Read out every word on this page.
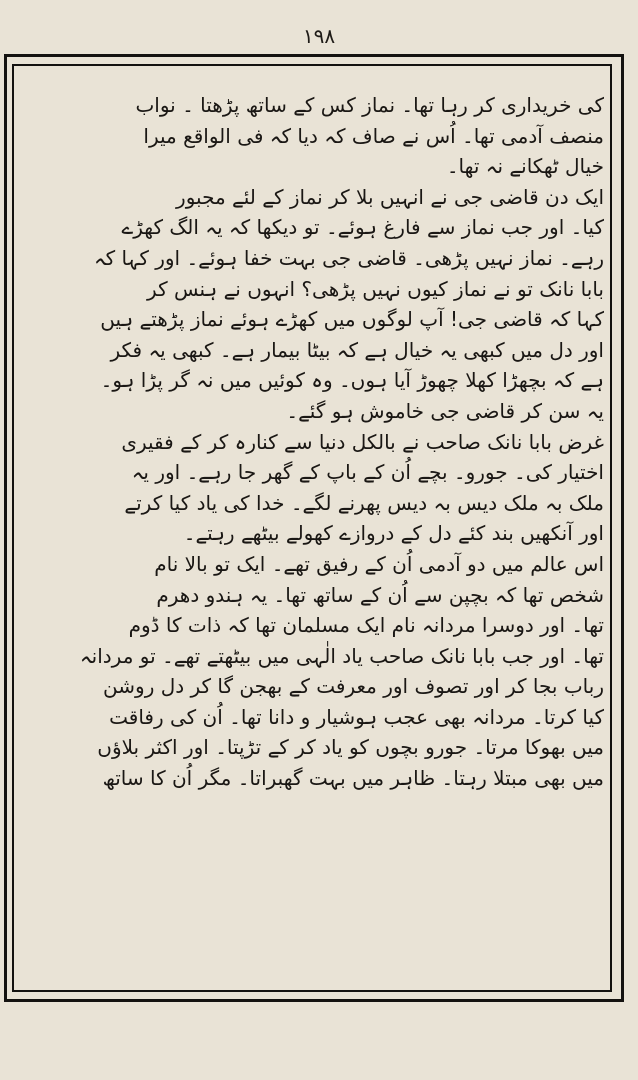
۱۹۸
کی خریداری کر رہا تھا۔ نماز کس کے ساتھ پڑھتا ۔ نواب
منصف آدمی تھا۔ اُس نے صاف کہ دیا کہ فی الواقع میرا
خیال ٹھکانے نہ تھا۔
ایک دن قاضی جی نے انہیں بلا کر نماز کے لئے مجبور
کیا۔ اور جب نماز سے فارغ ہوئے۔ تو دیکھا کہ یہ الگ کھڑے
رہے۔ نماز نہیں پڑھی۔ قاضی جی بہت خفا ہوئے۔ اور کہا کہ
بابا نانک تو نے نماز کیوں نہیں پڑھی؟ انہوں نے ہنس کر
کہا کہ قاضی جی! آپ لوگوں میں کھڑے ہوئے نماز پڑھتے ہیں
اور دل میں کبھی یہ خیال ہے کہ بیٹا بیمار ہے۔ کبھی یہ فکر
ہے کہ بچھڑا کھلا چھوڑ آیا ہوں۔ وہ کوئیں میں نہ گر پڑا ہو۔
یہ سن کر قاضی جی خاموش ہو گئے۔
غرض بابا نانک صاحب نے بالکل دنیا سے کنارہ کر کے فقیری
اختیار کی۔ جورو۔ بچے اُن کے باپ کے گھر جا رہے۔ اور یہ
ملک بہ ملک دیس بہ دیس پھرنے لگے۔ خدا کی یاد کیا کرتے
اور آنکھیں بند کئے دل کے دروازے کھولے بیٹھے رہتے۔
اس عالم میں دو آدمی اُن کے رفیق تھے۔ ایک تو بالا نام
شخص تھا کہ بچپن سے اُن کے ساتھ تھا۔ یہ ہندو دھرم
تھا۔ اور دوسرا مردانہ نام ایک مسلمان تھا کہ ذات کا ڈوم
تھا۔ اور جب بابا نانک صاحب یاد الٰہی میں بیٹھتے تھے۔ تو مردانہ
رباب بجا کر اور تصوف اور معرفت کے بھجن گا کر دل روشن
کیا کرتا۔ مردانہ بھی عجب ہوشیار و دانا تھا۔ اُن کی رفاقت
میں بھوکا مرتا۔ جورو بچوں کو یاد کر کے تڑپتا۔ اور اکثر بلاؤں
میں بھی مبتلا رہتا۔ ظاہر میں بہت گھبراتا۔ مگر اُن کا ساتھ
